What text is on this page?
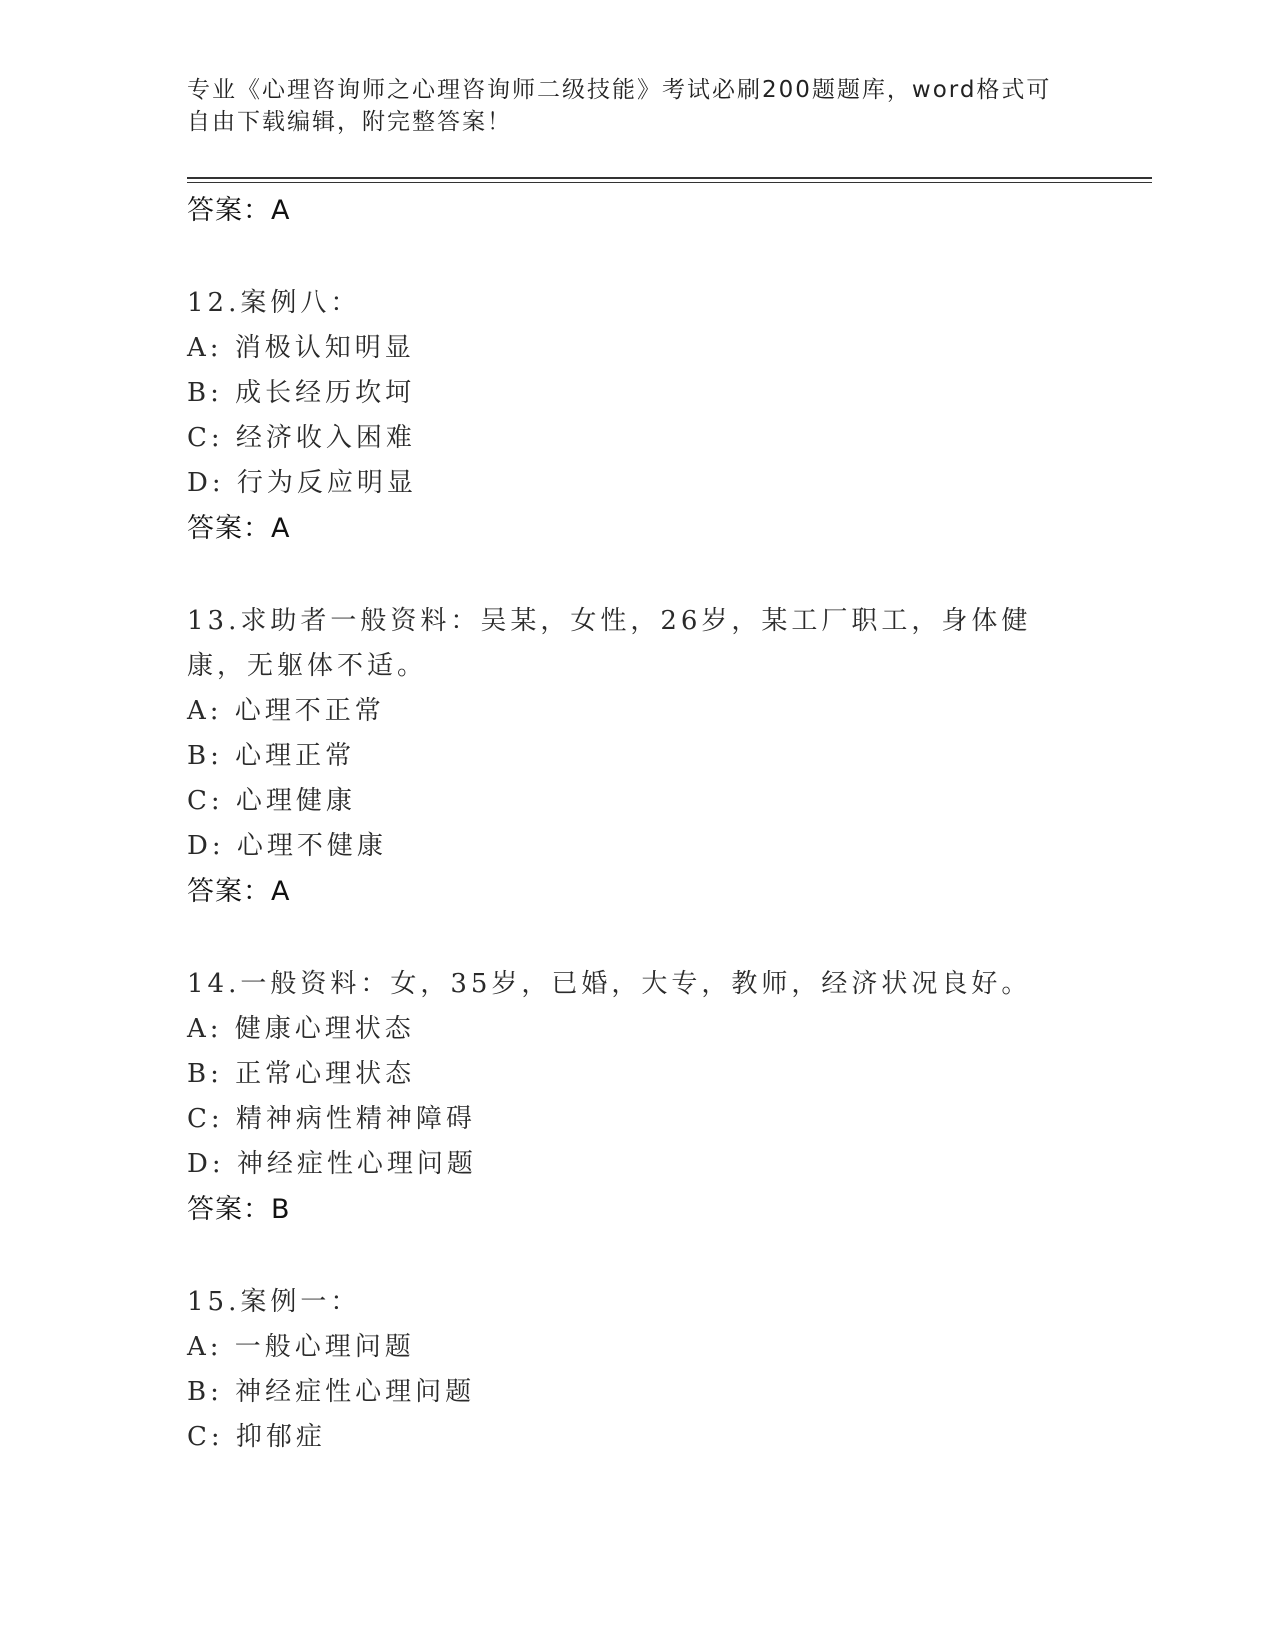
专业《心理咨询师之心理咨询师二级技能》考试必刷200题题库，word格式可自由下载编辑，附完整答案！
答案：A
12.案例八：
A: 消极认知明显
B: 成长经历坎坷
C: 经济收入困难
D: 行为反应明显
答案：A
13.求助者一般资料：吴某，女性，26岁，某工厂职工，身体健康，无躯体不适。
A: 心理不正常
B: 心理正常
C: 心理健康
D: 心理不健康
答案：A
14.一般资料：女，35岁，已婚，大专，教师，经济状况良好。
A: 健康心理状态
B: 正常心理状态
C: 精神病性精神障碍
D: 神经症性心理问题
答案：B
15.案例一：
A: 一般心理问题
B: 神经症性心理问题
C: 抑郁症
